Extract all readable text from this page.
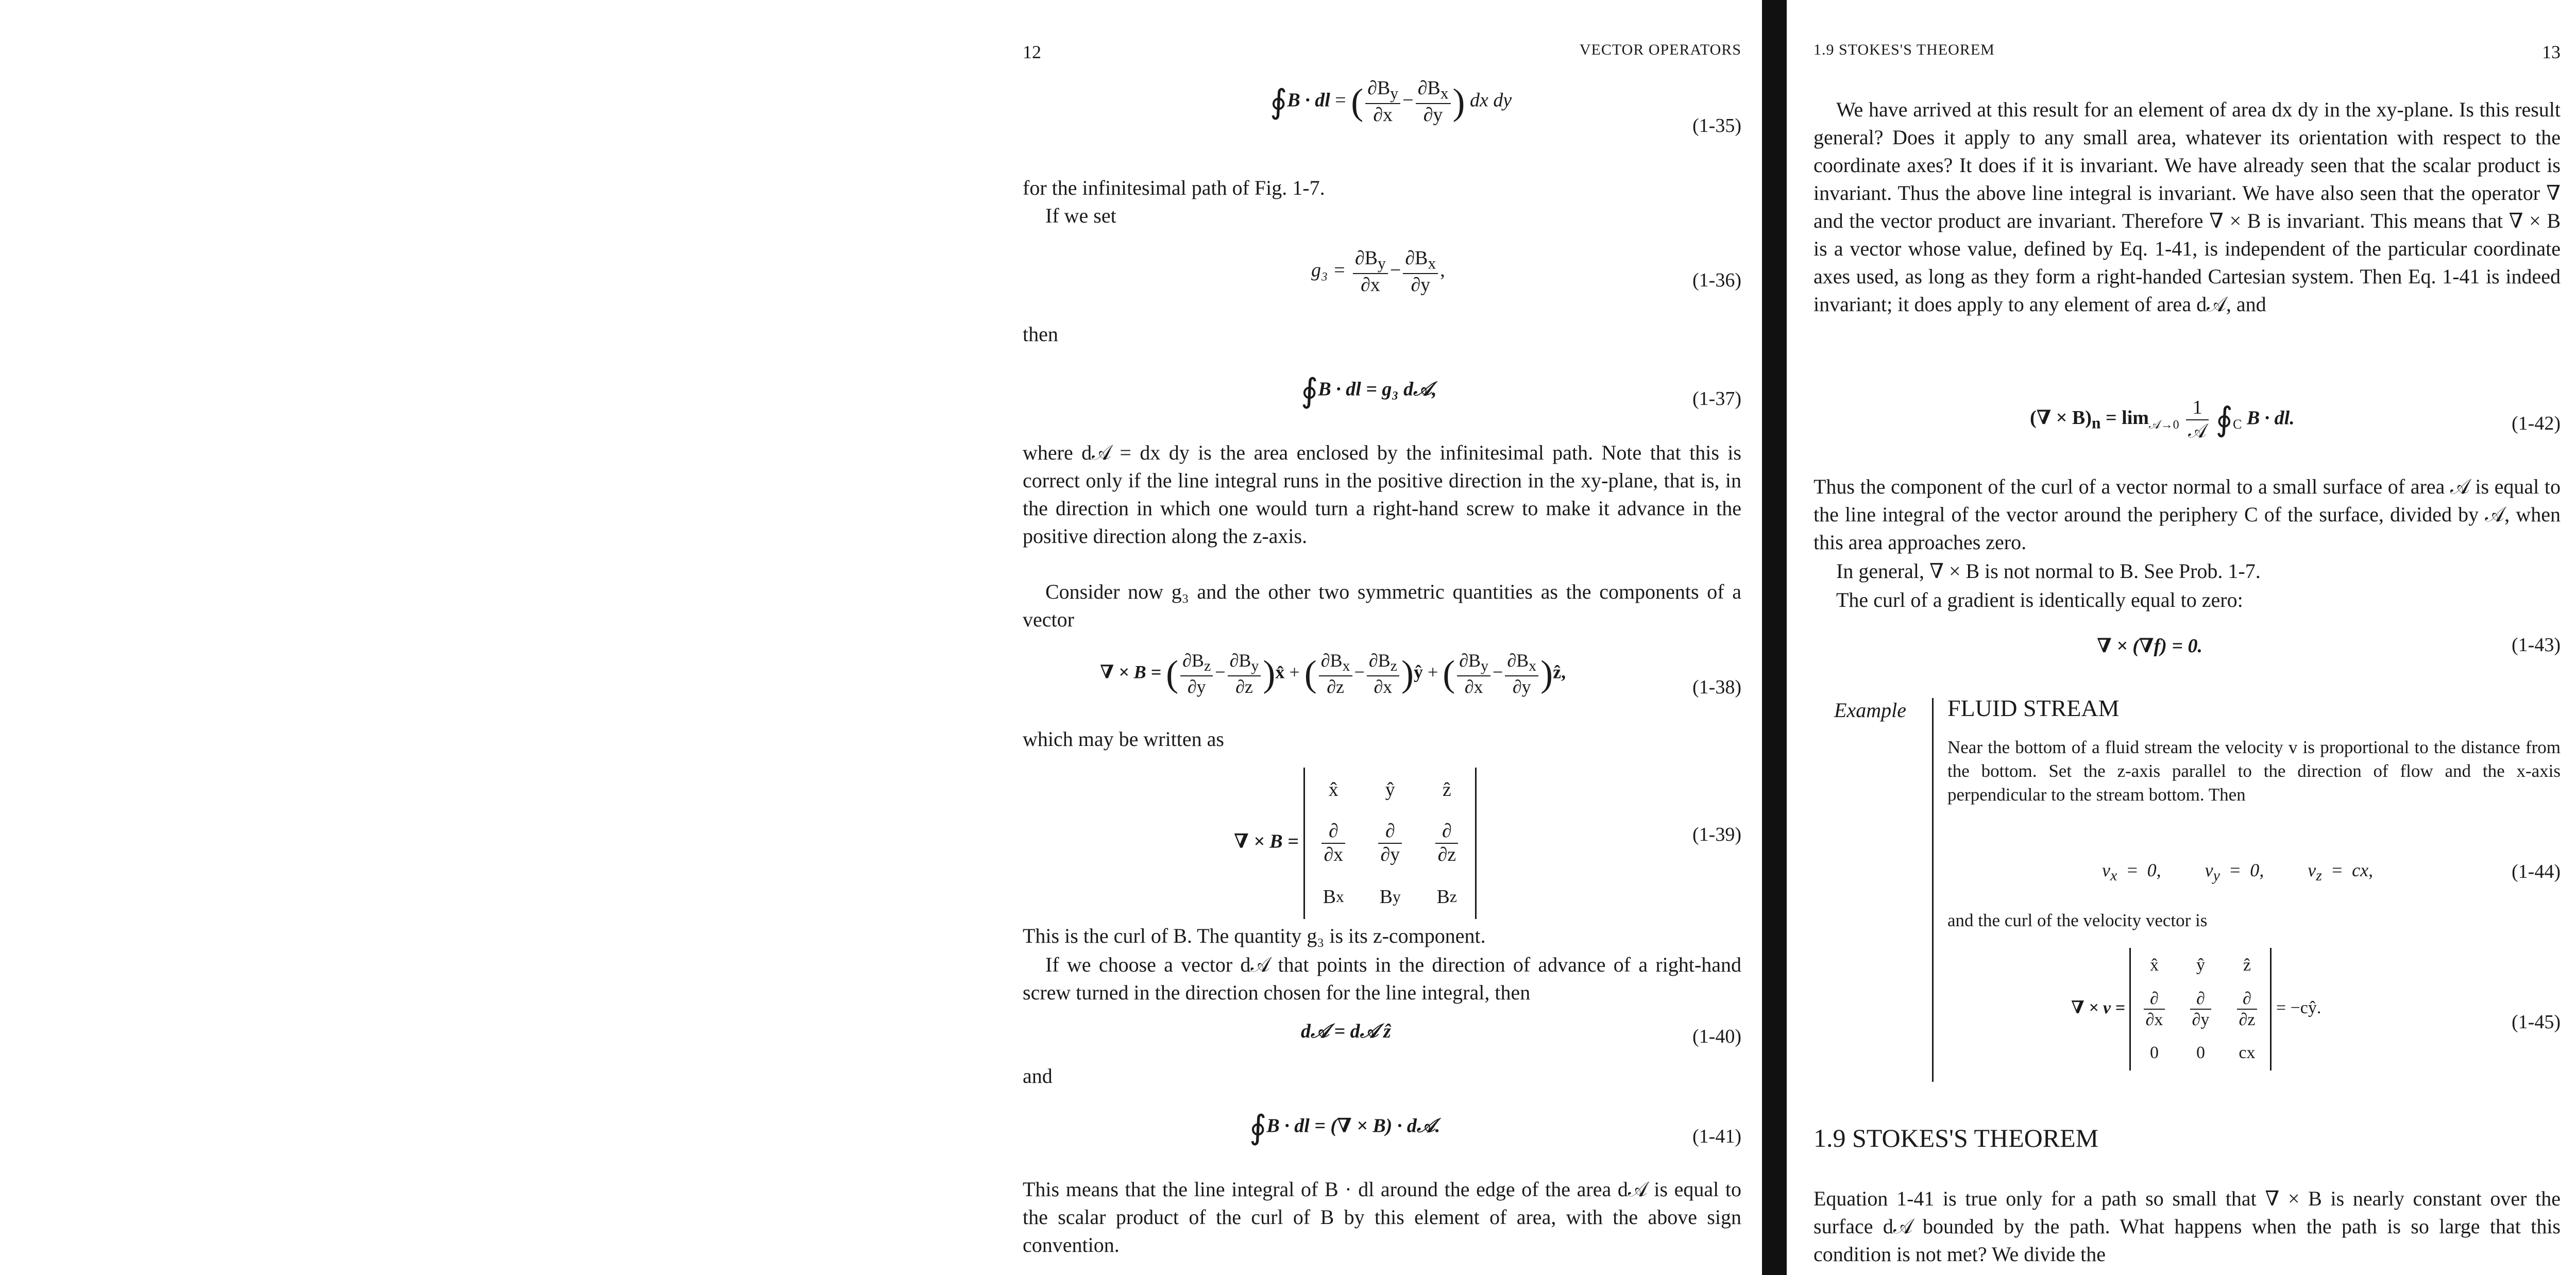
12	VECTOR OPERATORS
∮B · dl = ( $\frac{\partial B_y}{\partial x} - \frac{\partial B_x}{\partial y}$ ) dx dy
(1-35)

for the infinitesimal path of Fig. 1-7.

If we set

$g_3 = \frac{\partial B_y}{\partial x} - \frac{\partial B_x}{\partial y}$ ,	(1-36)

then

∮B · dl = g₃ d𝒜,	(1-37)

where d𝒜 = dx dy is the area enclosed by the infinitesimal path. Note that this is correct only if the line integral runs in the positive direction in the xy-plane, that is, in the direction in which one would turn a right-hand screw to make it advance in the positive direction along the z-axis.

Consider now g₃ and the other two symmetric quantities as the components of a vector

∇ × B = ( $\frac{\partial B_z}{\partial y} - \frac{\partial B_y}{\partial z}$ )x̂ + ( $\frac{\partial B_x}{\partial z} - \frac{\partial B_z}{\partial x}$ )ŷ + ( $\frac{\partial B_y}{\partial x} - \frac{\partial B_x}{\partial y}$ )ẑ,
(1-38)

which may be written as

∇ × B =
x̂	ŷ	ẑ
$\frac{\partial}{\partial x} \frac{\partial}{\partial y} \frac{\partial}{\partial z}$
B x	B y	B z
(1-39)

This is the curl of B. The quantity g₃ is its z-component.

If we choose a vector d𝒜 that points in the direction of advance of a right-hand screw turned in the direction chosen for the line integral, then

d𝒜 = d𝒜 ẑ	(1-40)

and

∮B · dl = (∇ × B) · d𝒜.	(1-41)

This means that the line integral of B · dl around the edge of the area d𝒜 is equal to the scalar product of the curl of B by this element of area, with the above sign convention.

1.9 STOKES'S THEOREM	13

We have arrived at this result for an element of area dx dy in the xy-plane. Is this result general? Does it apply to any small area, whatever its orientation with respect to the coordinate axes? It does if it is invariant. We have already seen that the scalar product is invariant. Thus the above line integral is invariant. We have also seen that the operator ∇ and the vector product are invariant. Therefore ∇ × B is invariant. This means that ∇ × B is a vector whose value, defined by Eq. 1-41, is independent of the particular coordinate axes used, as long as they form a right-handed Cartesian system. Then Eq. 1-41 is indeed invariant; it does apply to any element of area d𝒜, and

(∇ × $B)_n = \lim_{𝒜\to 0} \frac{1}{\text{𝒜}}$ $∮_C$ B · dl.	(1-42)

Thus the component of the curl of a vector normal to a small surface of area 𝒜 is equal to the line integral of the vector around the periphery C of the surface, divided by 𝒜, when this area approaches zero.

In general, ∇ × B is not normal to B. See Prob. 1-7.

The curl of a gradient is identically equal to zero:

∇ × (∇f) = 0.	(1-43)
Example FLUID STREAM

Near the bottom of a fluid stream the velocity v is proportional to the distance from the bottom. Set the z-axis parallel to the direction of flow and the x-axis perpendicular to the stream bottom. Then

$v_x = 0$, $v_y = 0$, $v_z$ = cx,	(1-44)

and the curl of the velocity vector is

∇ × v =
x̂	ŷ	ẑ
$\frac{\partial}{\partial x} \frac{\partial}{\partial y} \frac{\partial}{\partial z}$
0	0	cx
= −cŷ.
(1-45)
1.9 STOKES'S THEOREM

Equation 1-41 is true only for a path so small that ∇ × B is nearly constant over the surface d𝒜 bounded by the path. What happens when the path is so large that this condition is not met? We divide the
